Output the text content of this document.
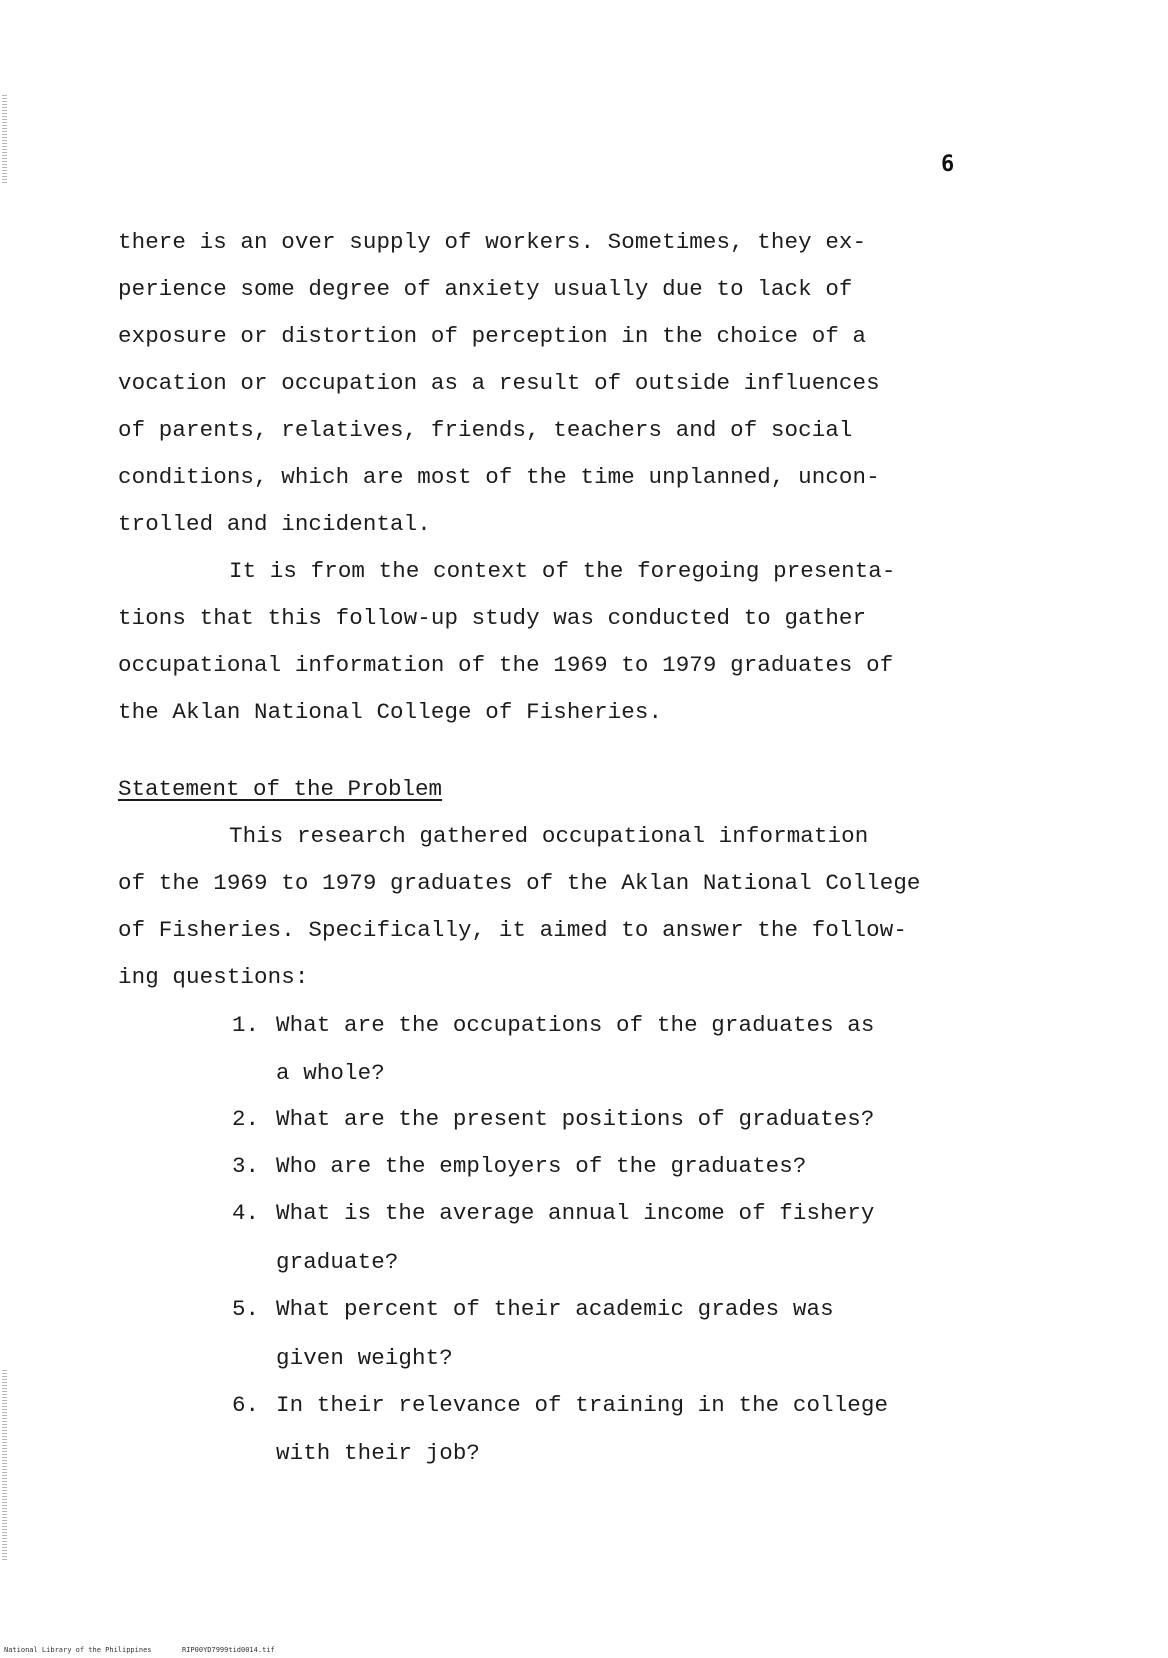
6
there is an over supply of workers. Sometimes, they ex-
perience some degree of anxiety usually due to lack of
exposure or distortion of perception in the choice of a
vocation or occupation as a result of outside influences
of parents, relatives, friends, teachers and of social
conditions, which are most of the time unplanned, uncon-
trolled and incidental.
It is from the context of the foregoing presenta-
tions that this follow-up study was conducted to gather
occupational information of the 1969 to 1979 graduates of
the Aklan National College of Fisheries.
Statement of the Problem
This research gathered occupational information
of the 1969 to 1979 graduates of the Aklan National College
of Fisheries. Specifically, it aimed to answer the follow-
ing questions:
1. What are the occupations of the graduates as
a whole?
2. What are the present positions of graduates?
3. Who are the employers of the graduates?
4. What is the average annual income of fishery
graduate?
5. What percent of their academic grades was
given weight?
6. In their relevance of training in the college
with their job?
National Library of the Philippines	RIP00YD7999tid0014.tif
